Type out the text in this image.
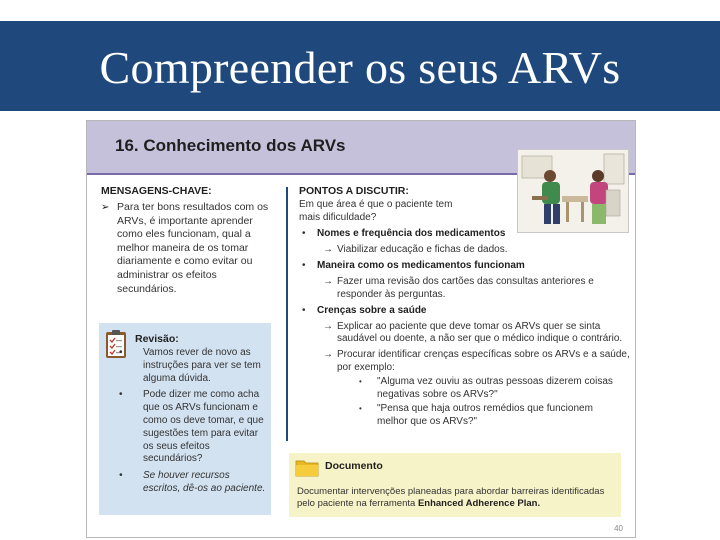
Compreender os seus ARVs
16. Conhecimento dos ARVs
MENSAGENS-CHAVE:
➢ Para ter bons resultados com os ARVs, é importante aprender como eles funcionam, qual a melhor maneira de os tomar diariamente e como evitar ou administrar os efeitos secundários.
Revisão:
• Vamos rever de novo as instruções para ver se tem alguma dúvida.
• Pode dizer me como acha que os ARVs funcionam e como os deve tomar, e que sugestões tem para evitar os seus efeitos secundários?
• Se houver recursos escritos, dê-os ao paciente.
PONTOS A DISCUTIR:
Em que área é que o paciente tem mais dificuldade?
• Nomes e frequência dos medicamentos
→ Viabilizar educação e fichas de dados.
• Maneira como os medicamentos funcionam
→ Fazer uma revisão dos cartões das consultas anteriores e responder às perguntas.
• Crenças sobre a saúde
→ Explicar ao paciente que deve tomar os ARVs quer se sinta saudável ou doente, a não ser que o médico indique o contrário.
→ Procurar identificar crenças específicas sobre os ARVs e a saúde, por exemplo:
• "Alguma vez ouviu as outras pessoas dizerem coisas negativas sobre os ARVs?"
• "Pensa que haja outros remédios que funcionem melhor que os ARVs?"
Documento

Documentar intervenções planeadas para abordar barreiras identificadas pelo paciente na ferramenta Enhanced Adherence Plan.

40
